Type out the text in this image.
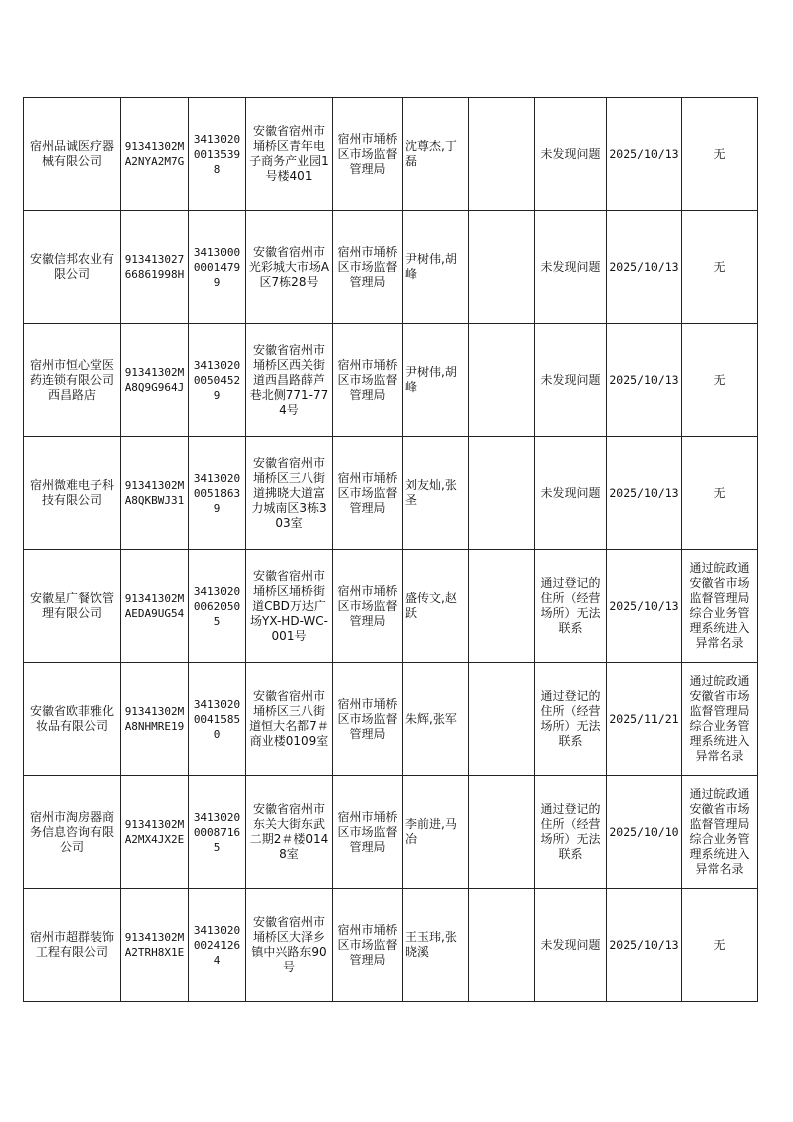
宿州品诚医疗器械有限公司	91341302MA2NYA2M7G	341302000135398	安徽省宿州市埇桥区青年电子商务产业园1号楼401	宿州市埇桥区市场监督管理局	沈尊杰,丁磊		未发现问题	2025/10/13	无
安徽信邦农业有限公司	91341302766861998H	341300000014799	安徽省宿州市光彩城大市场A区7栋28号	宿州市埇桥区市场监督管理局	尹树伟,胡峰		未发现问题	2025/10/13	无
宿州市恒心堂医药连锁有限公司西昌路店	91341302MA8Q9G964J	341302000504529	安徽省宿州市埇桥区西关街道西昌路薛芦巷北侧771-774号	宿州市埇桥区市场监督管理局	尹树伟,胡峰		未发现问题	2025/10/13	无
宿州微难电子科技有限公司	91341302MA8QKBWJ31	341302000518639	安徽省宿州市埇桥区三八街道拂晓大道富力城南区3栋303室	宿州市埇桥区市场监督管理局	刘友灿,张圣		未发现问题	2025/10/13	无
安徽星广餐饮管理有限公司	91341302MAEDA9UG54	341302000620505	安徽省宿州市埇桥区埇桥街道CBD万达广场YX-HD-WC-001号	宿州市埇桥区市场监督管理局	盛传文,赵跃		通过登记的住所（经营场所）无法联系	2025/10/13	通过皖政通安徽省市场监督管理局综合业务管理系统进入异常名录
安徽省欧菲雅化妆品有限公司	91341302MA8NHMRE19	341302000415850	安徽省宿州市埇桥区三八街道恒大名都7＃商业楼0109室	宿州市埇桥区市场监督管理局	朱辉,张军		通过登记的住所（经营场所）无法联系	2025/11/21	通过皖政通安徽省市场监督管理局综合业务管理系统进入异常名录
宿州市淘房器商务信息咨询有限公司	91341302MA2MX4JX2E	341302000087165	安徽省宿州市东关大街东武二期2＃楼0148室	宿州市埇桥区市场监督管理局	李前进,马冶		通过登记的住所（经营场所）无法联系	2025/10/10	通过皖政通安徽省市场监督管理局综合业务管理系统进入异常名录
宿州市超群装饰工程有限公司	91341302MA2TRH8X1E	341302000241264	安徽省宿州市埇桥区大泽乡镇中兴路东90号	宿州市埇桥区市场监督管理局	王玉玮,张晓溪		未发现问题	2025/10/13	无
